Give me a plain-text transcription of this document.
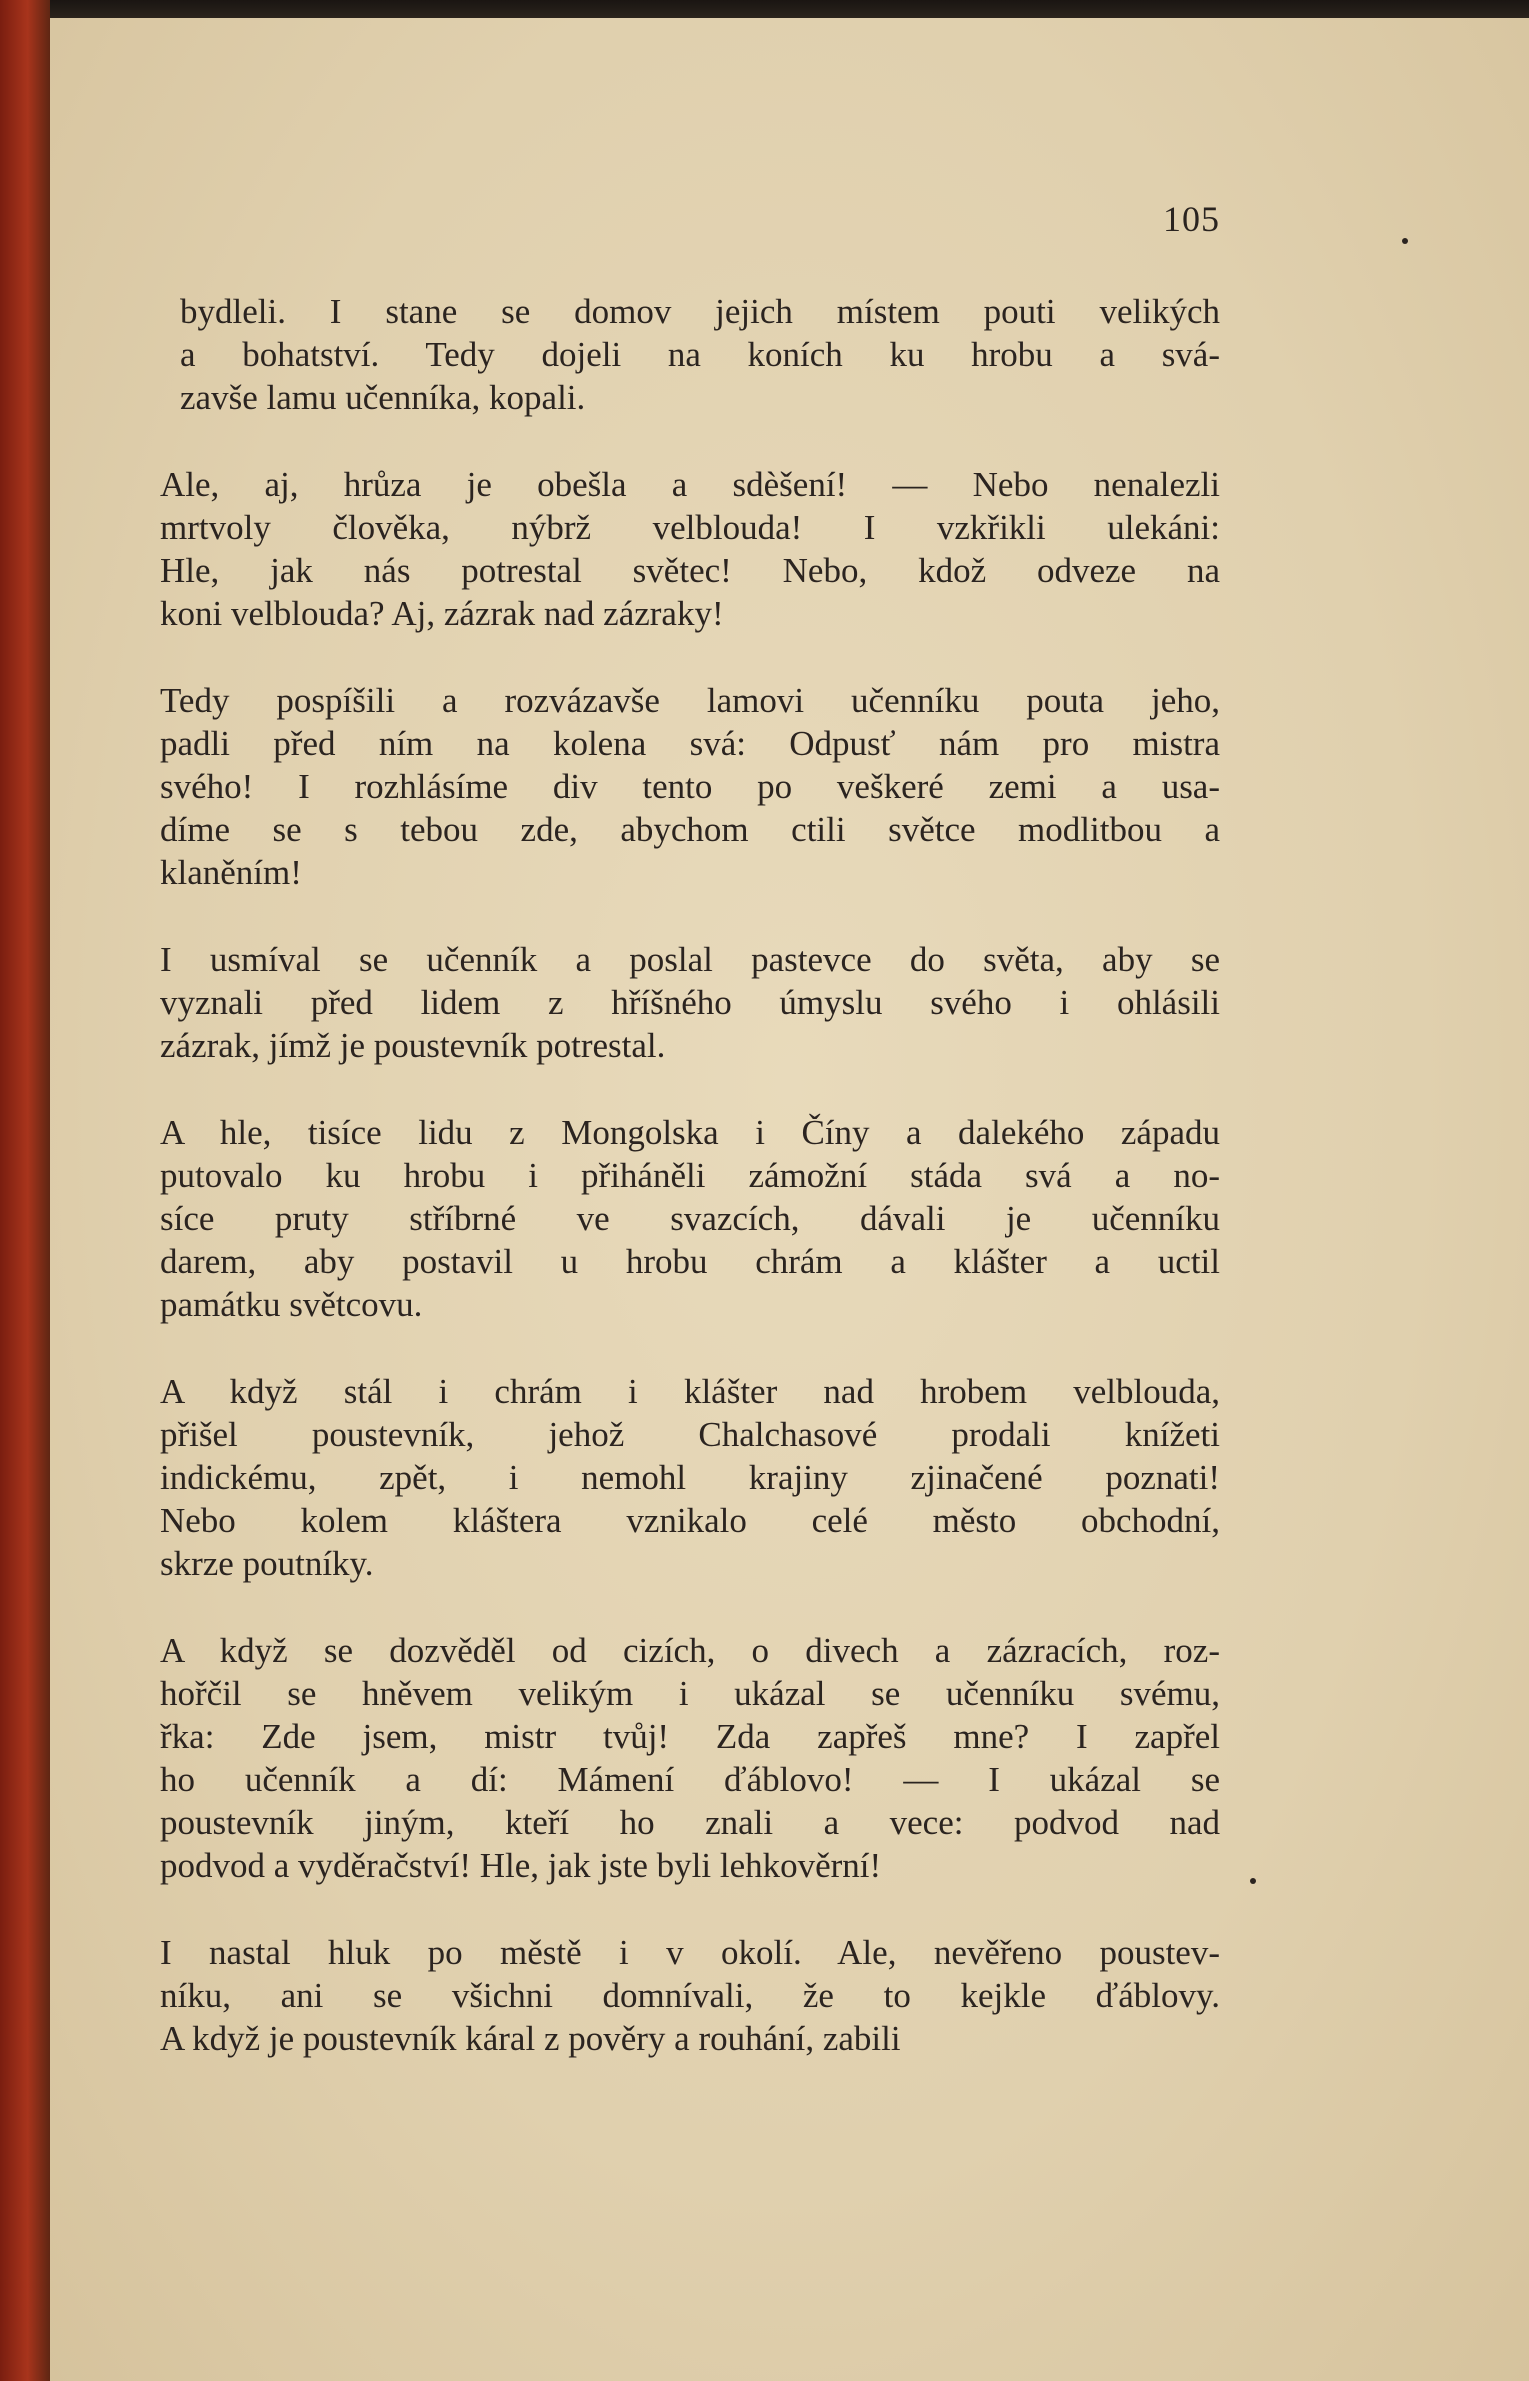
105
bydleli. I stane se domov jejich místem pouti velikých
a bohatství. Tedy dojeli na koních ku hrobu a svá-
zavše lamu učenníka, kopali.
Ale, aj, hrůza je obešla a sdèšení! — Nebo nenalezli
mrtvoly člověka, nýbrž velblouda! I vzkřikli ulekáni:
Hle, jak nás potrestal světec! Nebo, kdož odveze na
koni velblouda? Aj, zázrak nad zázraky!
Tedy pospíšili a rozvázavše lamovi učenníku pouta jeho,
padli před ním na kolena svá: Odpusť nám pro mistra
svého! I rozhlásíme div tento po veškeré zemi a usa-
díme se s tebou zde, abychom ctili světce modlitbou a
klaněním!
I usmíval se učenník a poslal pastevce do světa, aby se
vyznali před lidem z hříšného úmyslu svého i ohlásili
zázrak, jímž je poustevník potrestal.
A hle, tisíce lidu z Mongolska i Číny a dalekého západu
putovalo ku hrobu i přiháněli zámožní stáda svá a no-
síce pruty stříbrné ve svazcích, dávali je učenníku
darem, aby postavil u hrobu chrám a klášter a uctil
památku světcovu.
A když stál i chrám i klášter nad hrobem velblouda,
přišel poustevník, jehož Chalchasové prodali knížeti
indickému, zpět, i nemohl krajiny zjinačené poznati!
Nebo kolem kláštera vznikalo celé město obchodní,
skrze poutníky.
A když se dozvěděl od cizích, o divech a zázracích, roz-
hořčil se hněvem velikým i ukázal se učenníku svému,
řka: Zde jsem, mistr tvůj! Zda zapřeš mne? I zapřel
ho učenník a dí: Mámení ďáblovo! — I ukázal se
poustevník jiným, kteří ho znali a vece: podvod nad
podvod a vyděračství! Hle, jak jste byli lehkověrní!
I nastal hluk po městě i v okolí. Ale, nevěřeno poustev-
níku, ani se všichni domnívali, že to kejkle ďáblovy.
A když je poustevník káral z pověry a rouhání, zabili
